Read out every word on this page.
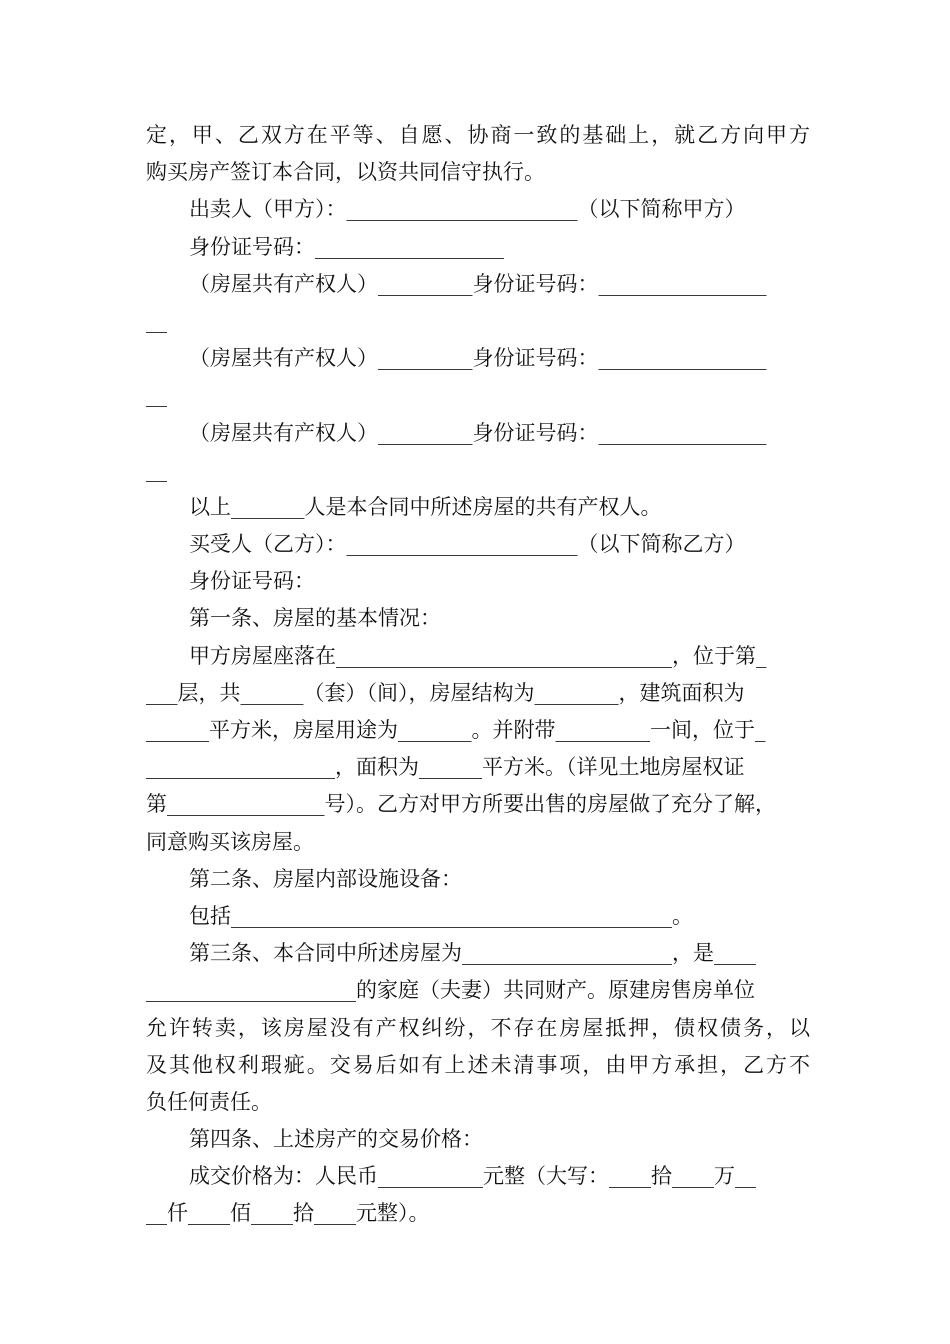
定，甲、乙双方在平等、自愿、协商一致的基础上，就乙方向甲方
购买房产签订本合同，以资共同信守执行。
出卖人（甲方）：______________________（以下简称甲方）
身份证号码：__________________
（房屋共有产权人）_________身份证号码：________________
__
（房屋共有产权人）_________身份证号码：________________
__
（房屋共有产权人）_________身份证号码：________________
__
以上_______人是本合同中所述房屋的共有产权人。
买受人（乙方）：______________________（以下简称乙方）
身份证号码：
第一条、房屋的基本情况：
甲方房屋座落在________________________________，位于第_
___层，共______（套）（间），房屋结构为________，建筑面积为
______平方米，房屋用途为_______。并附带_________一间，位于_
__________________，面积为______平方米。（详见土地房屋权证
第_______________号）。乙方对甲方所要出售的房屋做了充分了解，
同意购买该房屋。
第二条、房屋内部设施设备：
包括__________________________________________。
第三条、本合同中所述房屋为____________________，是____
____________________的家庭（夫妻）共同财产。原建房售房单位
允许转卖，该房屋没有产权纠纷，不存在房屋抵押，债权债务，以
及其他权利瑕疵。交易后如有上述未清事项，由甲方承担，乙方不
负任何责任。
第四条、上述房产的交易价格：
成交价格为：人民币__________元整（大写：____拾____万__
__仟____佰____拾____元整）。
